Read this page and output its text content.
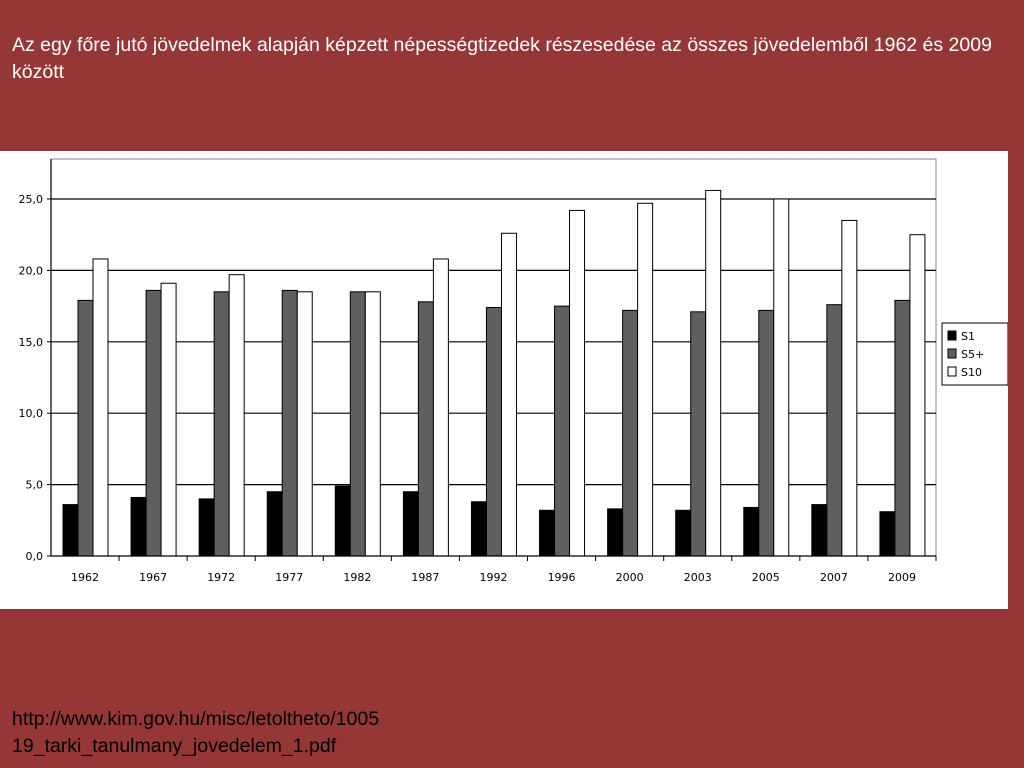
Az egy főre jutó jövedelmek alapján képzett népességtizedek részesedése az összes jövedelemből 1962 és 2009 között
0,0
5,0
10,0
15,0
20,0
25,0
1962	1967	1972	1977	1982	1987	1992	1996	2000	2003	2005	2007	2009
S1
S5+
S10
http://www.kim.gov.hu/misc/letoltheto/1005
19_tarki_tanulmany_jovedelem_1.pdf
